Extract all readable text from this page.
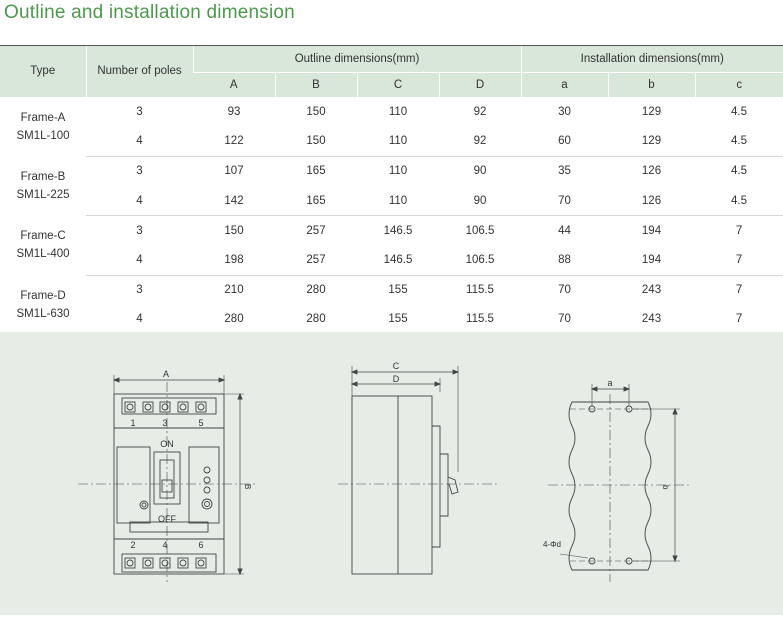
Outline and installation dimension
Type	Number of poles	Outline dimensions(mm)				Installation dimensions(mm)		
		A	B	C	D	a	b	c

Frame-A
SM1L-100	3	93	150	110	92	30	129	4.5
	4	122	150	110	92	60	129	4.5

Frame-B
SM1L-225	3	107	165	110	90	35	126	4.5
	4	142	165	110	90	70	126	4.5

Frame-C
SM1L-400	3	150	257	146.5	106.5	44	194	7
	4	198	257	146.5	106.5	88	194	7

Frame-D
SM1L-630	3	210	280	155	115.5	70	243	7
	4	280	280	155	115.5	70	243	7
A
B
ON
OFF
1	3	5
2	4	6
C
D	a
b
4-Φd
